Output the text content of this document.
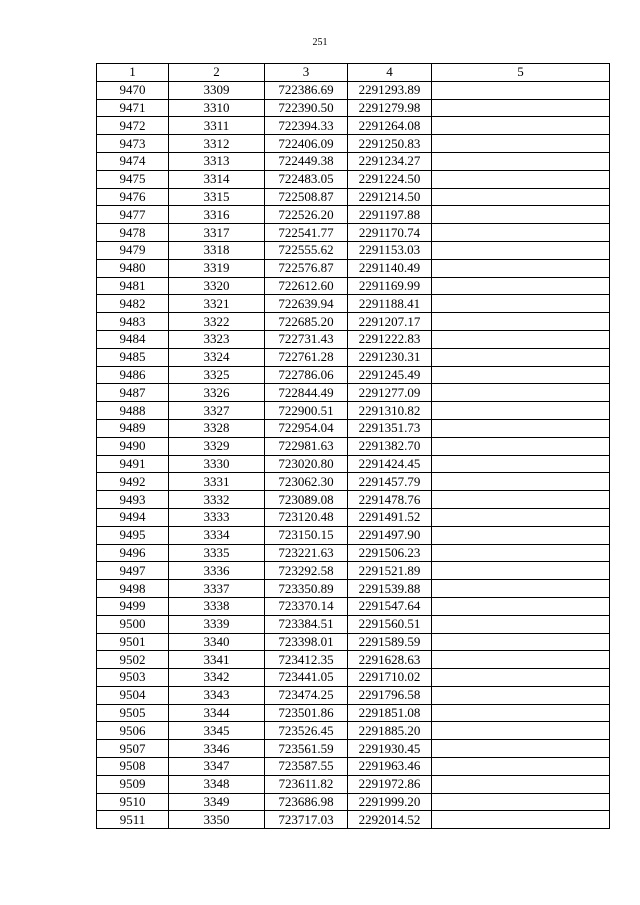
251
1	2	3	4	5
9470	3309	722386.69	2291293.89	
9471	3310	722390.50	2291279.98	
9472	3311	722394.33	2291264.08	
9473	3312	722406.09	2291250.83	
9474	3313	722449.38	2291234.27	
9475	3314	722483.05	2291224.50	
9476	3315	722508.87	2291214.50	
9477	3316	722526.20	2291197.88	
9478	3317	722541.77	2291170.74	
9479	3318	722555.62	2291153.03	
9480	3319	722576.87	2291140.49	
9481	3320	722612.60	2291169.99	
9482	3321	722639.94	2291188.41	
9483	3322	722685.20	2291207.17	
9484	3323	722731.43	2291222.83	
9485	3324	722761.28	2291230.31	
9486	3325	722786.06	2291245.49	
9487	3326	722844.49	2291277.09	
9488	3327	722900.51	2291310.82	
9489	3328	722954.04	2291351.73	
9490	3329	722981.63	2291382.70	
9491	3330	723020.80	2291424.45	
9492	3331	723062.30	2291457.79	
9493	3332	723089.08	2291478.76	
9494	3333	723120.48	2291491.52	
9495	3334	723150.15	2291497.90	
9496	3335	723221.63	2291506.23	
9497	3336	723292.58	2291521.89	
9498	3337	723350.89	2291539.88	
9499	3338	723370.14	2291547.64	
9500	3339	723384.51	2291560.51	
9501	3340	723398.01	2291589.59	
9502	3341	723412.35	2291628.63	
9503	3342	723441.05	2291710.02	
9504	3343	723474.25	2291796.58	
9505	3344	723501.86	2291851.08	
9506	3345	723526.45	2291885.20	
9507	3346	723561.59	2291930.45	
9508	3347	723587.55	2291963.46	
9509	3348	723611.82	2291972.86	
9510	3349	723686.98	2291999.20	
9511	3350	723717.03	2292014.52	
